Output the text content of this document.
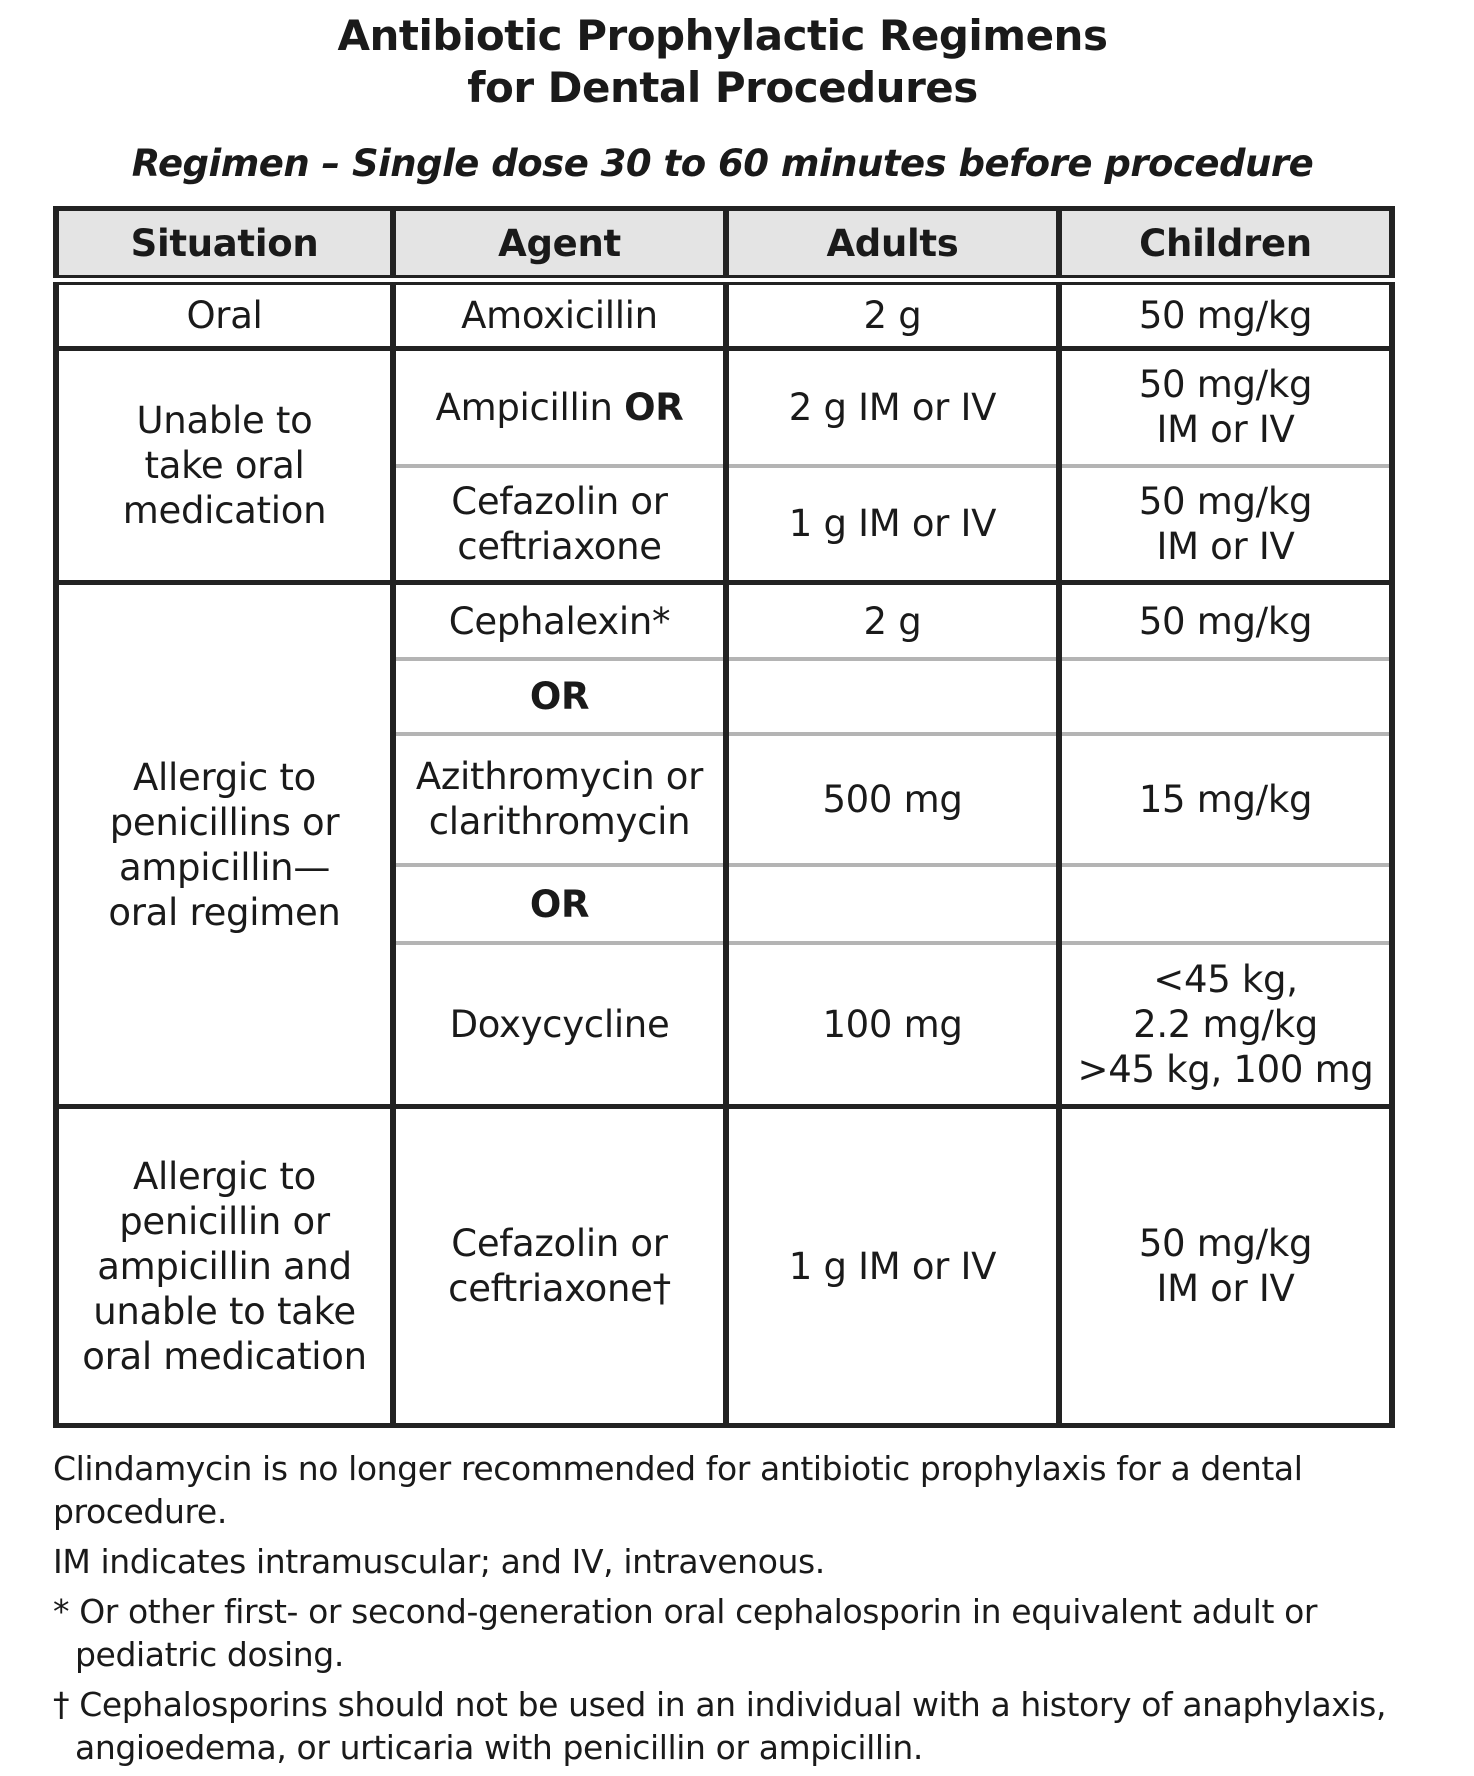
Antibiotic Prophylactic Regimens
for Dental Procedures
Regimen – Single dose 30 to 60 minutes before procedure
Situation	Agent	Adults	Children
Oral	Amoxicillin	2 g	50 mg/kg
Unable to
take oral
medication	Ampicillin OR	2 g IM or IV	50 mg/kg
IM or IV
	Cefazolin or
ceftriaxone	1 g IM or IV	50 mg/kg
IM or IV
Allergic to
penicillins or
ampicillin—
oral regimen	Cephalexin*	2 g	50 mg/kg
	OR		
	Azithromycin or
clarithromycin	500 mg	15 mg/kg
	OR		
	Doxycycline	100 mg	<45 kg,
2.2 mg/kg
>45 kg, 100 mg
Allergic to
penicillin or
ampicillin and
unable to take
oral medication	Cefazolin or
ceftriaxone†	1 g IM or IV	50 mg/kg
IM or IV
Clindamycin is no longer recommended for antibiotic prophylaxis for a dental procedure.
IM indicates intramuscular; and IV, intravenous.
* Or other first- or second-generation oral cephalosporin in equivalent adult or
pediatric dosing.
† Cephalosporins should not be used in an individual with a history of anaphylaxis,
angioedema, or urticaria with penicillin or ampicillin.
